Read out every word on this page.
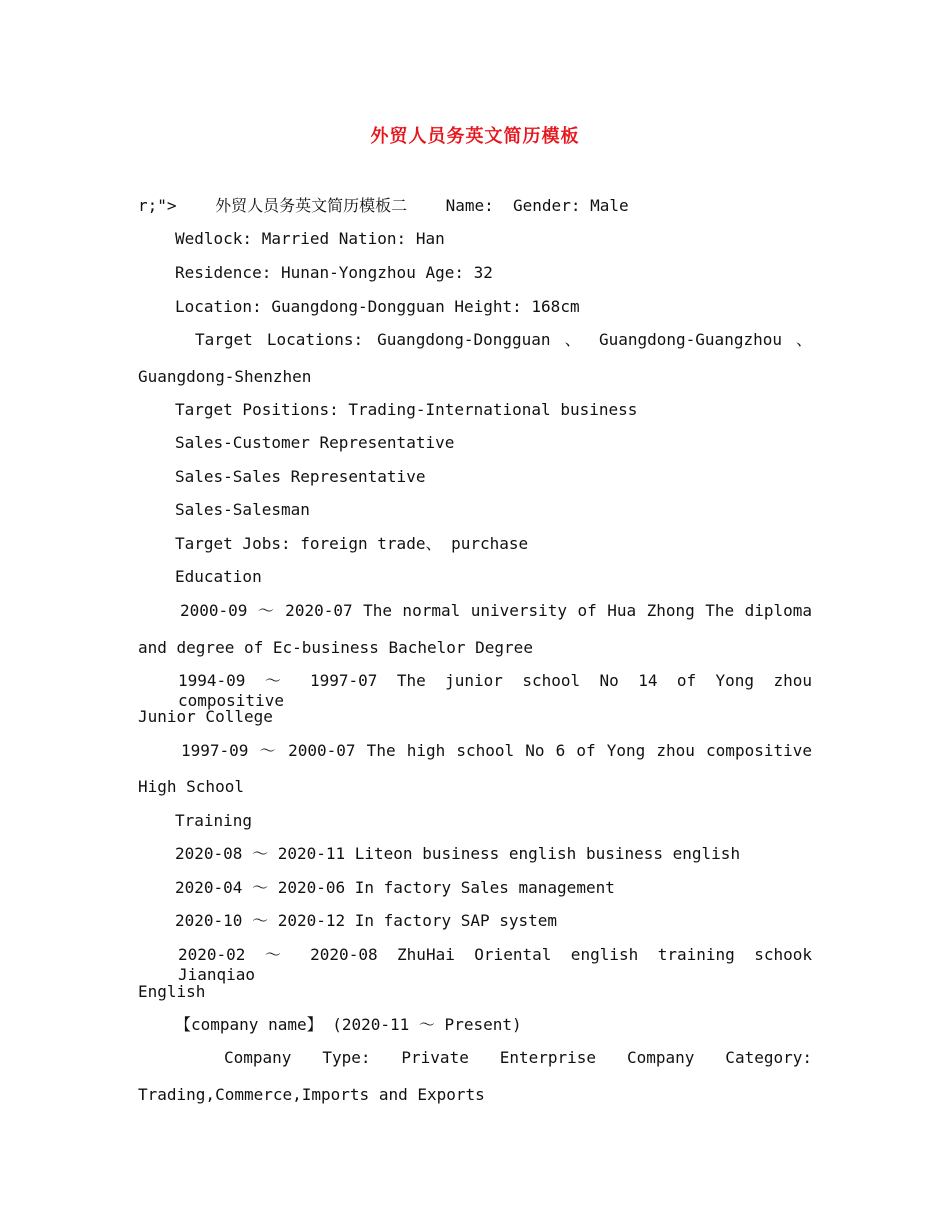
外贸人员务英文简历模板
r;">    外贸人员务英文简历模板二    Name:  Gender: Male
Wedlock: Married Nation: Han
Residence: Hunan-Yongzhou Age: 32
Location: Guangdong-Dongguan Height: 168cm
Target Locations: Guangdong-Dongguan 、 Guangdong-Guangzhou 、
Guangdong-Shenzhen
Target Positions: Trading-International business
Sales-Customer Representative
Sales-Sales Representative
Sales-Salesman
Target Jobs: foreign trade、 purchase
Education
2000-09 ～ 2020-07 The normal university of Hua Zhong The diploma
and degree of Ec-business Bachelor Degree
1994-09 ～ 1997-07 The junior school No 14 of Yong zhou compositive
Junior College
1997-09 ～ 2000-07 The high school No 6 of Yong zhou compositive
High School
Training
2020-08 ～ 2020-11 Liteon business english business english
2020-04 ～ 2020-06 In factory Sales management
2020-10 ～ 2020-12 In factory SAP system
2020-02 ～ 2020-08 ZhuHai Oriental english training schook Jianqiao
English
【company name】 (2020-11 ～ Present)
Company Type: Private Enterprise Company Category:
Trading,Commerce,Imports and Exports
